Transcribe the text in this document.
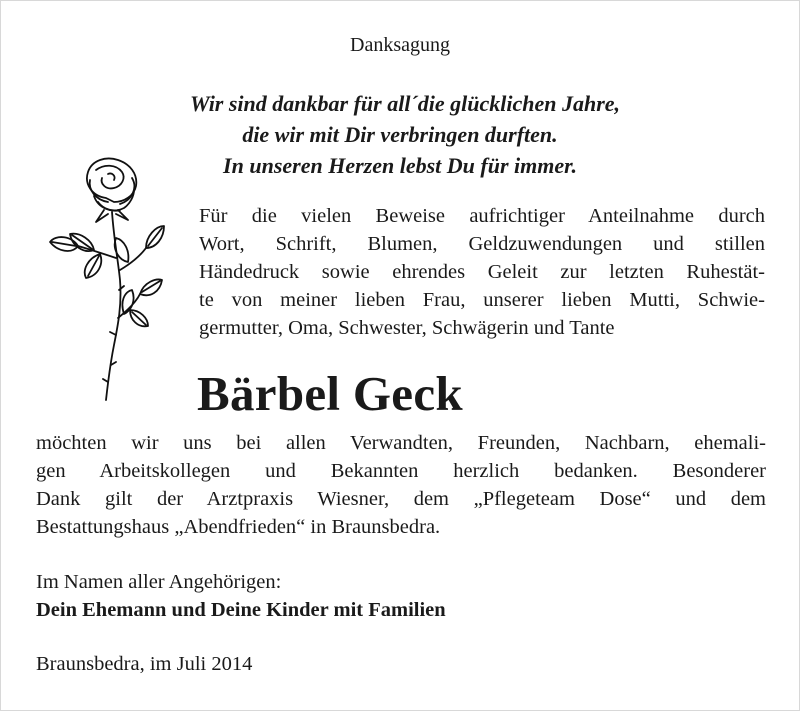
Danksagung
Wir sind dankbar für all´die glücklichen Jahre,
die wir mit Dir verbringen durften.
In unseren Herzen lebst Du für immer.
Für die vielen Beweise aufrichtiger Anteilnahme durch
Wort, Schrift, Blumen, Geldzuwendungen und stillen
Händedruck sowie ehrendes Geleit zur letzten Ruhestät-
te von meiner lieben Frau, unserer lieben Mutti, Schwie-
germutter, Oma, Schwester, Schwägerin und Tante
Bärbel Geck
möchten wir uns bei allen Verwandten, Freunden, Nachbarn, ehemali-
gen Arbeitskollegen und Bekannten herzlich bedanken. Besonderer
Dank gilt der Arztpraxis Wiesner, dem „Pflegeteam Dose“ und dem
Bestattungshaus „Abendfrieden“ in Braunsbedra.
Im Namen aller Angehörigen:
Dein Ehemann und Deine Kinder mit Familien
Braunsbedra, im Juli 2014
